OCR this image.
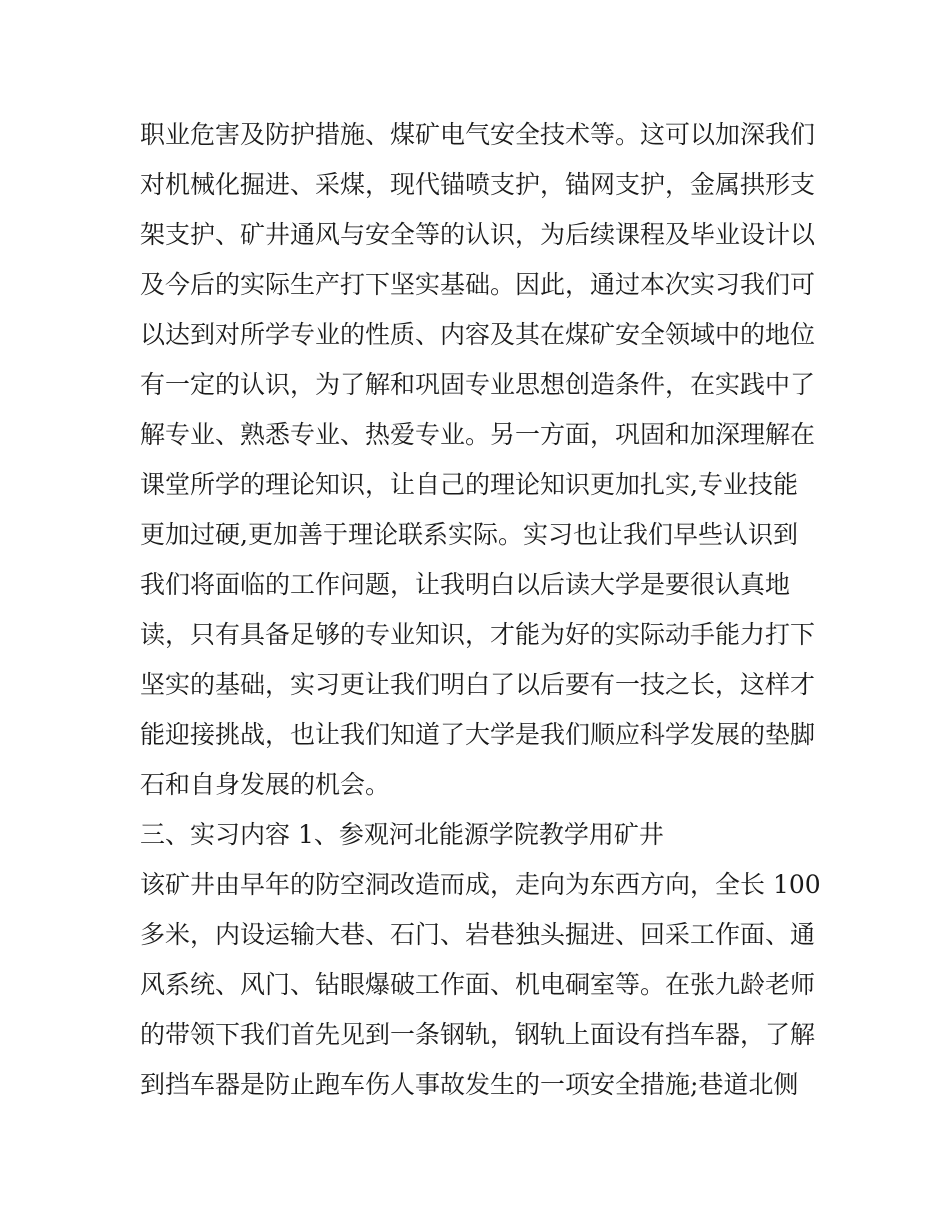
职业危害及防护措施、煤矿电气安全技术等。这可以加深我们
对机械化掘进、采煤，现代锚喷支护，锚网支护，金属拱形支
架支护、矿井通风与安全等的认识，为后续课程及毕业设计以
及今后的实际生产打下坚实基础。因此，通过本次实习我们可
以达到对所学专业的性质、内容及其在煤矿安全领域中的地位
有一定的认识，为了解和巩固专业思想创造条件，在实践中了
解专业、熟悉专业、热爱专业。另一方面，巩固和加深理解在
课堂所学的理论知识，让自己的理论知识更加扎实,专业技能
更加过硬,更加善于理论联系实际。实习也让我们早些认识到
我们将面临的工作问题，让我明白以后读大学是要很认真地
读，只有具备足够的专业知识，才能为好的实际动手能力打下
坚实的基础，实习更让我们明白了以后要有一技之长，这样才
能迎接挑战，也让我们知道了大学是我们顺应科学发展的垫脚
石和自身发展的机会。
三、实习内容 1、参观河北能源学院教学用矿井
该矿井由早年的防空洞改造而成，走向为东西方向，全长 100
多米，内设运输大巷、石门、岩巷独头掘进、回采工作面、通
风系统、风门、钻眼爆破工作面、机电硐室等。在张九龄老师
的带领下我们首先见到一条钢轨，钢轨上面设有挡车器，了解
到挡车器是防止跑车伤人事故发生的一项安全措施;巷道北侧
